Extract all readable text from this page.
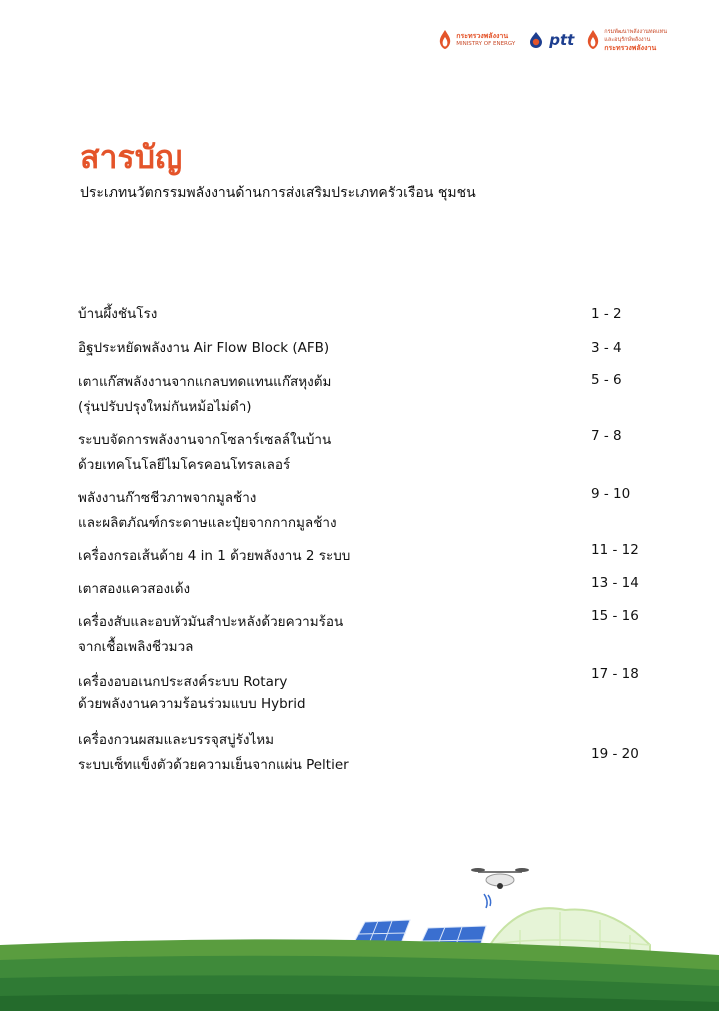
กระทรวงพลังงาน
MINISTRY OF ENERGY ptt	กรมพัฒนาพลังงานทดแทน
และอนุรักษ์พลังงาน
กระทรวงพลังงาน
สารบัญ

ประเภทนวัตกรรมพลังงานด้านการส่งเสริมประเภทครัวเรือน ชุมชน

บ้านผึ้งชันโรง	1 - 2
อิฐประหยัดพลังงาน Air Flow Block (AFB)	3 - 4
เตาแก๊สพลังงานจากแกลบทดแทนแก๊สหุงต้ม
(รุ่นปรับปรุงใหม่กันหม้อไม่ดำ)
5 - 6
ระบบจัดการพลังงานจากโซลาร์เซลล์ในบ้าน
ด้วยเทคโนโลยีไมโครคอนโทรลเลอร์
7 - 8
พลังงานก๊าซชีวภาพจากมูลช้าง
และผลิตภัณฑ์กระดาษและปุ๋ยจากกากมูลช้าง
9 - 10
เครื่องกรอเส้นด้าย 4 in 1 ด้วยพลังงาน 2 ระบบ	11 - 12
เตาสองแควสองเด้ง	13 - 14
เครื่องสับและอบหัวมันสำปะหลังด้วยความร้อน
จากเชื้อเพลิงชีวมวล
15 - 16
เครื่องอบอเนกประสงค์ระบบ Rotary
ด้วยพลังงานความร้อนร่วมแบบ Hybrid
17 - 18
เครื่องกวนผสมและบรรจุสบู่รังไหม
ระบบเซ็ทแข็งตัวด้วยความเย็นจากแผ่น Peltier
19 - 20
